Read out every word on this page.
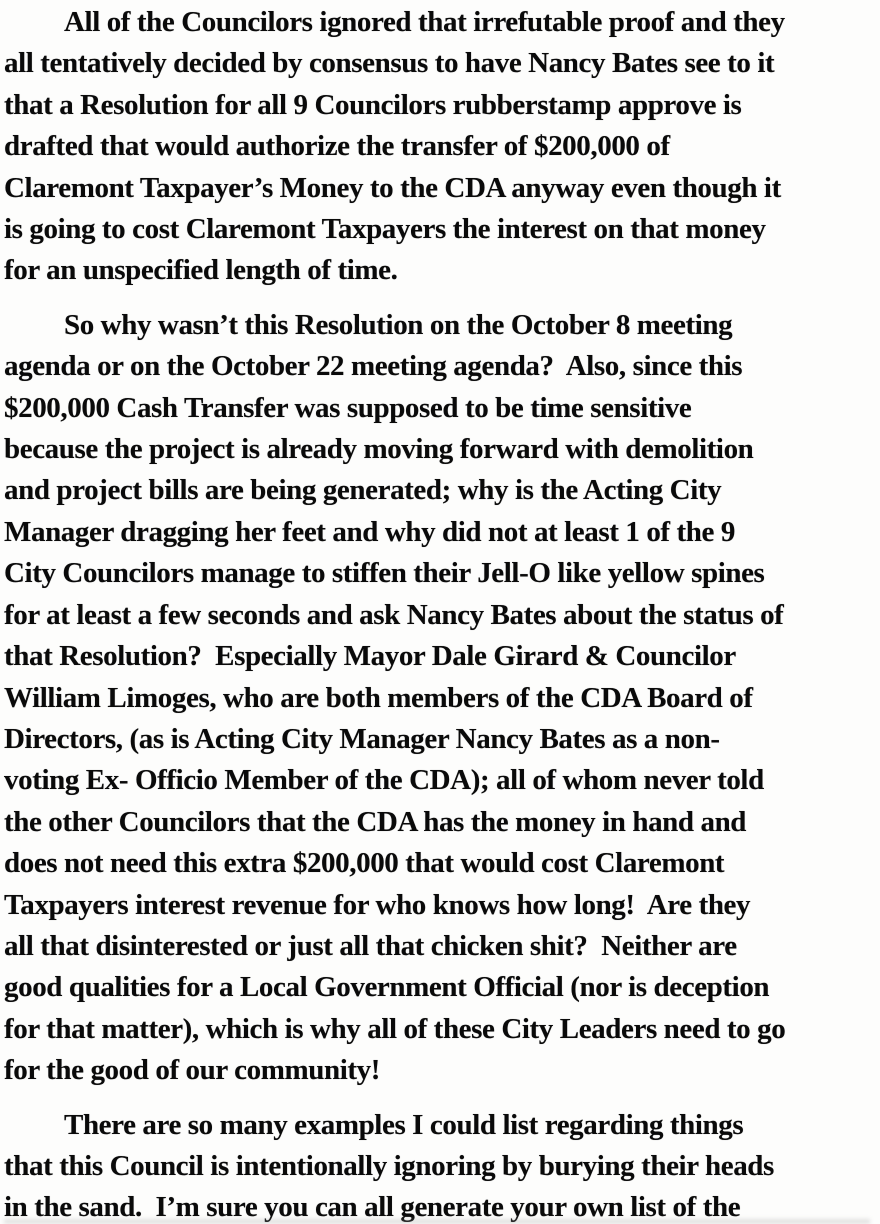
All of the Councilors ignored that irrefutable proof and they
all tentatively decided by consensus to have Nancy Bates see to it
that a Resolution for all 9 Councilors rubberstamp approve is
drafted that would authorize the transfer of $200,000 of
Claremont Taxpayer’s Money to the CDA anyway even though it
is going to cost Claremont Taxpayers the interest on that money
for an unspecified length of time.

So why wasn’t this Resolution on the October 8 meeting
agenda or on the October 22 meeting agenda?  Also, since this
$200,000 Cash Transfer was supposed to be time sensitive
because the project is already moving forward with demolition
and project bills are being generated; why is the Acting City
Manager dragging her feet and why did not at least 1 of the 9
City Councilors manage to stiffen their Jell-O like yellow spines
for at least a few seconds and ask Nancy Bates about the status of
that Resolution?  Especially Mayor Dale Girard & Councilor
William Limoges, who are both members of the CDA Board of
Directors, (as is Acting City Manager Nancy Bates as a non-
voting Ex- Officio Member of the CDA); all of whom never told
the other Councilors that the CDA has the money in hand and
does not need this extra $200,000 that would cost Claremont
Taxpayers interest revenue for who knows how long!  Are they
all that disinterested or just all that chicken shit?  Neither are
good qualities for a Local Government Official (nor is deception
for that matter), which is why all of these City Leaders need to go
for the good of our community!

There are so many examples I could list regarding things
that this Council is intentionally ignoring by burying their heads
in the sand.  I’m sure you can all generate your own list of the
